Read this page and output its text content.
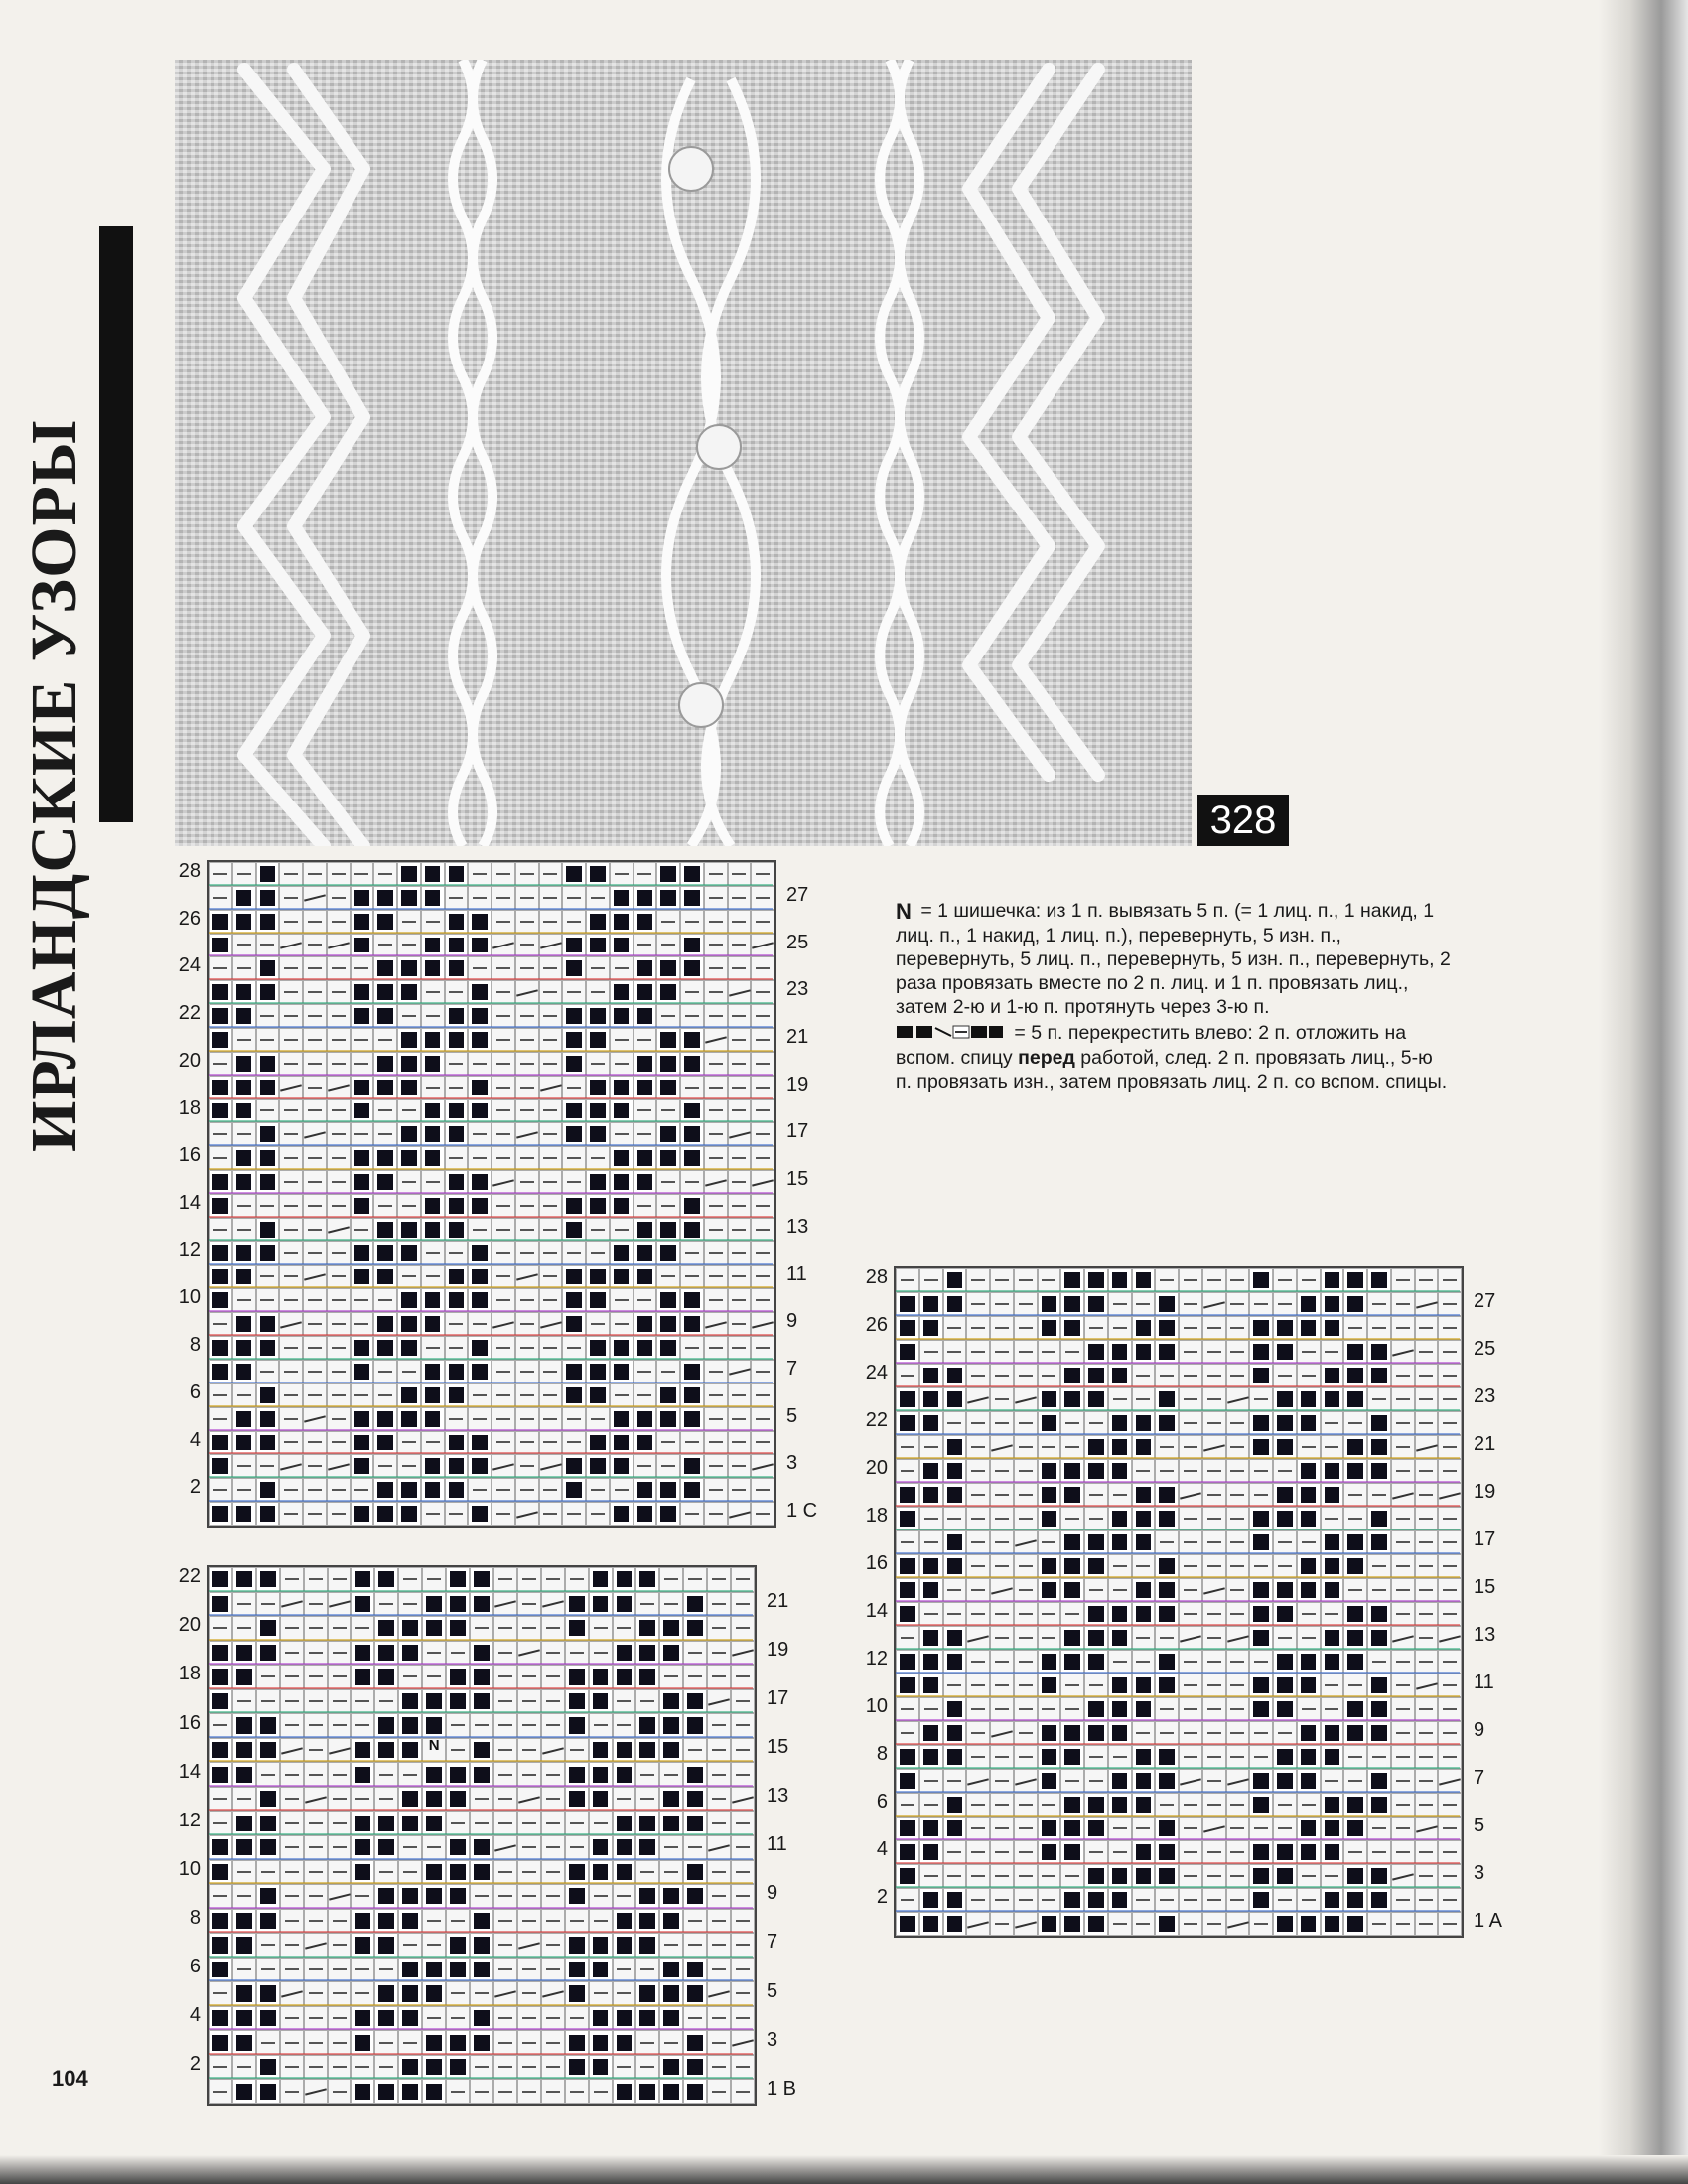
ИРЛАНДСКИЕ УЗОРЫ	328

N = 1 шишечка: из 1 п. вывязать 5 п. (= 1 лиц. п., 1 накид, 1 лиц. п., 1 накид, 1 лиц. п.), перевернуть, 5 изн. п., перевернуть, 5 лиц. п., перевернуть, 5 изн. п., перевернуть, 2 раза провязать вместе по 2 п. лиц. и 1 п. провязать лиц., затем 2-ю и 1-ю п. протянуть через 3-ю п.

= 5 п. перекрестить влево: 2 п. отложить на вспом. спицу перед работой, след. 2 п. провязать лиц., 5-ю п. провязать изн., затем провязать лиц. 2 п. со вспом. спицы.

28
26
24
22
20
18
16
14
12
10
8
6
4
2
27
25
23
21
19
17
15
13
11
9
7
5
3
1 C
N
22
20
18
16
14
12
10
8
6
4
2
21
19
17
15
13
11
9
7
5
3
1 B
28
26
24
22
20
18
16
14
12
10
8
6
4
2
27
25
23
21
19
17
15
13
11
9
7
5
3
1 A
104
